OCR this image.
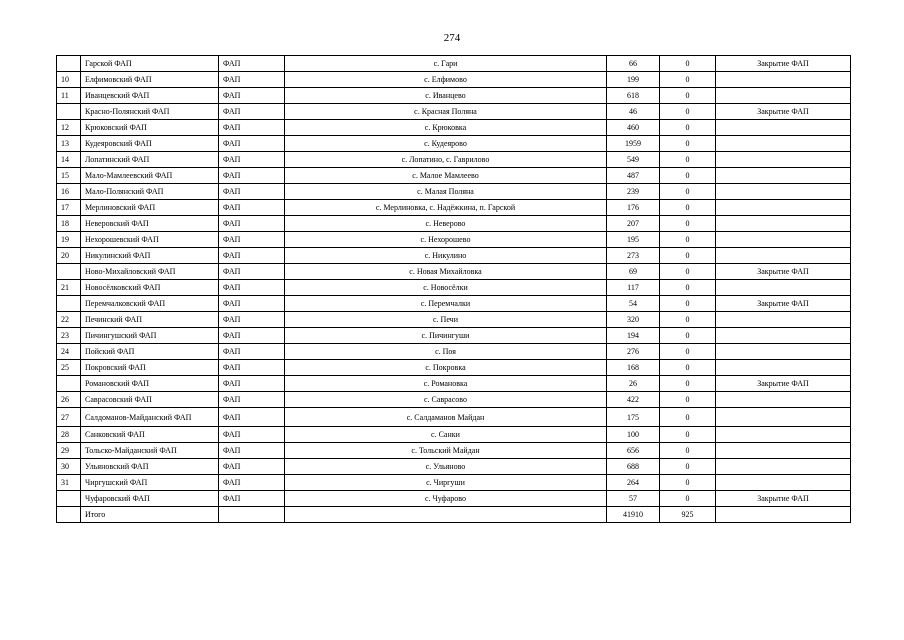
274
	Гарской ФАП	ФАП	с. Гари	66	0	Закрытие ФАП
10	Елфимовский ФАП	ФАП	с. Елфимово	199	0	
11	Иванцевский ФАП	ФАП	с. Иванцево	618	0	
	Красно-Полянский ФАП	ФАП	с. Красная Поляна	46	0	Закрытие ФАП
12	Крюковский ФАП	ФАП	с. Крюковка	460	0	
13	Кудеяровский ФАП	ФАП	с. Кудеярово	1959	0	
14	Лопатинский ФАП	ФАП	с. Лопатино, с. Гаврилово	549	0	
15	Мало-Мамлеевский ФАП	ФАП	с. Малое Мамлеево	487	0	
16	Мало-Полянский ФАП	ФАП	с. Малая Поляна	239	0	
17	Мерлиновский ФАП	ФАП	с. Мерлиновка, с. Надёжкина, п. Гарской	176	0	
18	Неверовский ФАП	ФАП	с. Неверово	207	0	
19	Нехорошевский ФАП	ФАП	с. Нехорошево	195	0	
20	Никулинский ФАП	ФАП	с. Никулино	273	0	
	Ново-Михайловский ФАП	ФАП	с. Новая Михайловка	69	0	Закрытие ФАП
21	Новосёлковский ФАП	ФАП	с. Новосёлки	117	0	
	Перемчалковский ФАП	ФАП	с. Перемчалки	54	0	Закрытие ФАП
22	Печинский ФАП	ФАП	с. Печи	320	0	
23	Пичингушский ФАП	ФАП	с. Пичингуши	194	0	
24	Пойский ФАП	ФАП	с. Поя	276	0	
25	Покровский ФАП	ФАП	с. Покровка	168	0	
	Романовский ФАП	ФАП	с. Романовка	26	0	Закрытие ФАП
26	Саврасовский ФАП	ФАП	с. Саврасово	422	0	
27	Салдоманов-Майданский ФАП	ФАП	с. Салдаманов Майдан	175	0	
28	Санковский ФАП	ФАП	с. Санки	100	0	
29	Тольско-Майданский ФАП	ФАП	с. Тольский Майдан	656	0	
30	Ульяновский ФАП	ФАП	с. Ульяново	688	0	
31	Чиргушский ФАП	ФАП	с. Чиргуши	264	0	
	Чуфаровский ФАП	ФАП	с. Чуфарово	57	0	Закрытие ФАП
	Итого			41910	925	
